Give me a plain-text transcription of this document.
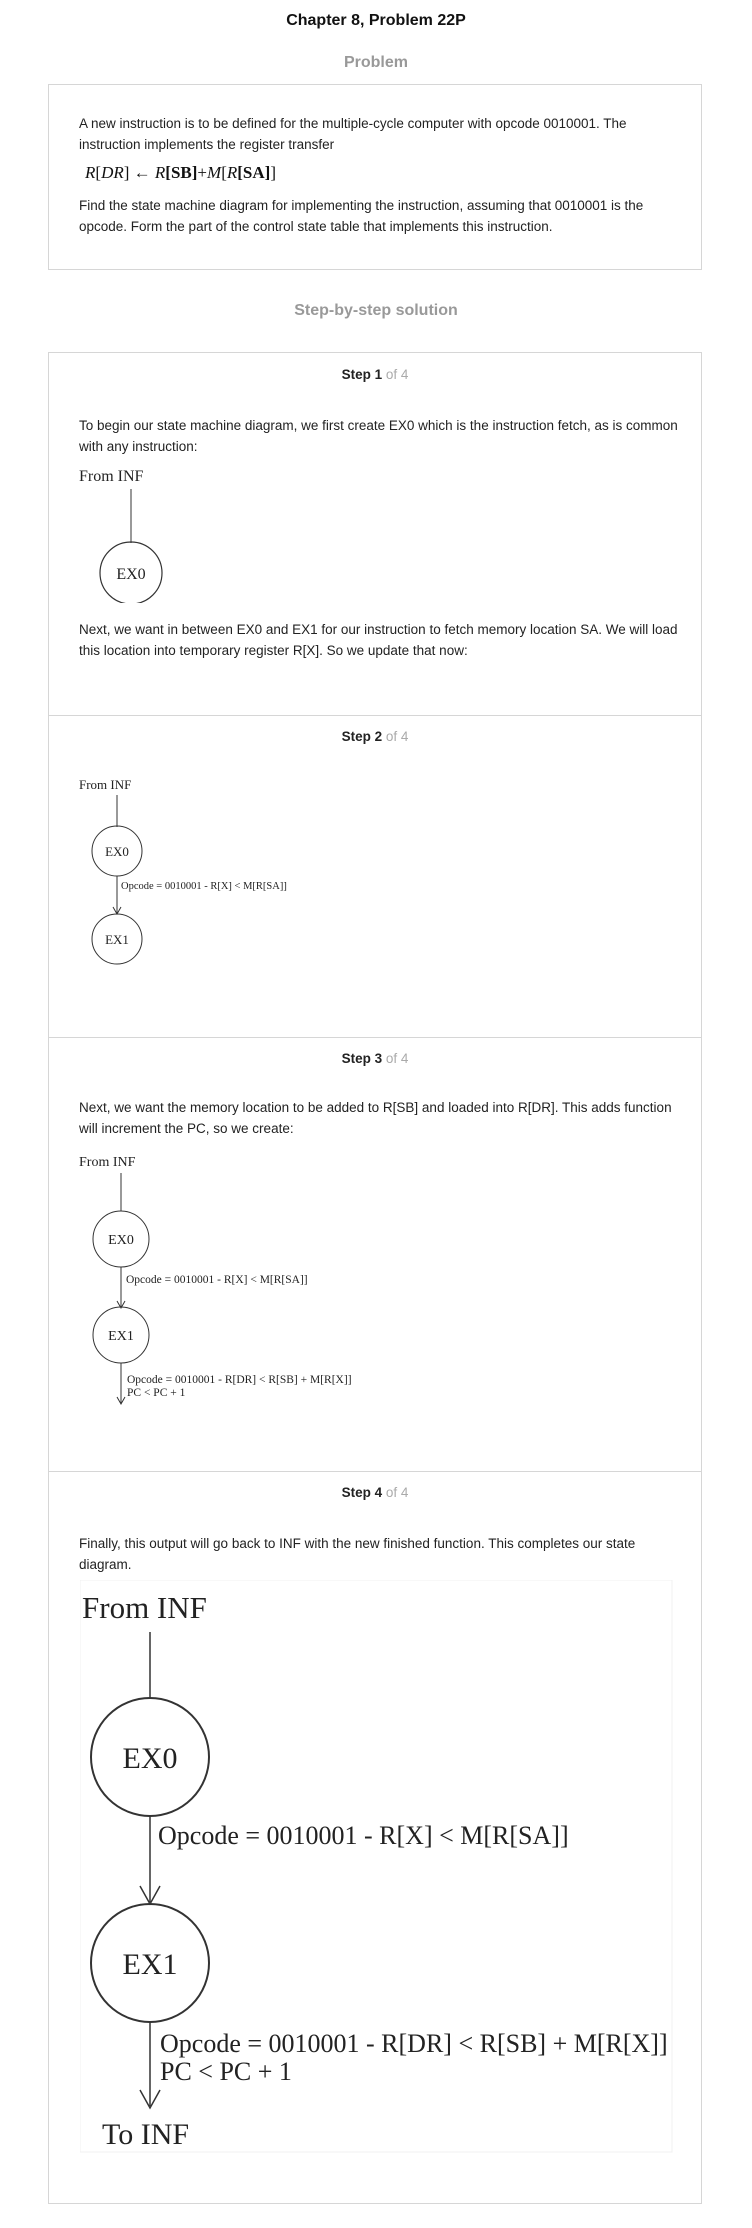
Chapter 8, Problem 22P
Problem

A new instruction is to be defined for the multiple-cycle computer with opcode 0010001. The instruction implements the register transfer

R[DR] ← R[SB]+M[R[SA]]

Find the state machine diagram for implementing the instruction, assuming that 0010001 is the opcode. Form the part of the control state table that implements this instruction.

Step-by-step solution
Step 1 of 4

To begin our state machine diagram, we first create EX0 which is the instruction fetch, as is common with any instruction:

From INF
EX0

Next, we want in between EX0 and EX1 for our instruction to fetch memory location SA. We will load this location into temporary register R[X]. So we update that now:

Step 2 of 4
From INF
EX0
Opcode = 0010001 - R[X] < M[R[SA]]
EX1
Step 3 of 4

Next, we want the memory location to be added to R[SB] and loaded into R[DR]. This adds function will increment the PC, so we create:

From INF
EX0
Opcode = 0010001 - R[X] < M[R[SA]]
EX1
Opcode = 0010001 - R[DR] < R[SB] + M[R[X]]
PC < PC + 1
Step 4 of 4

Finally, this output will go back to INF with the new finished function. This completes our state diagram.

From INF
EX0
Opcode = 0010001 - R[X] < M[R[SA]]
EX1
Opcode = 0010001 - R[DR] < R[SB] + M[R[X]]
PC < PC + 1
To INF
